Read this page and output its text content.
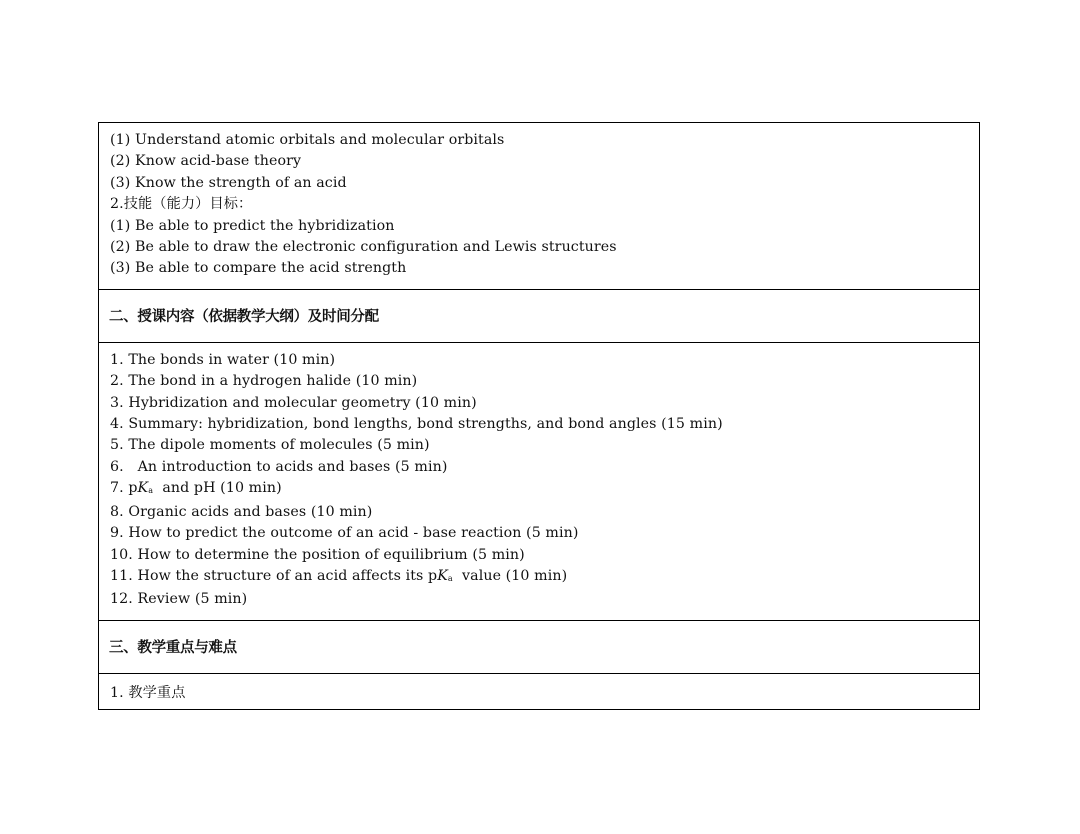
(1) Understand atomic orbitals and molecular orbitals
(2) Know acid-base theory
(3) Know the strength of an acid
2.技能（能力）目标：
(1) Be able to predict the hybridization
(2) Be able to draw the electronic configuration and Lewis structures
(3) Be able to compare the acid strength
二、授课内容（依据教学大纲）及时间分配
1. The bonds in water (10 min)
2. The bond in a hydrogen halide (10 min)
3. Hybridization and molecular geometry (10 min)
4. Summary: hybridization, bond lengths, bond strengths, and bond angles (15 min)
5. The dipole moments of molecules (5 min)
6.   An introduction to acids and bases (5 min)
7. $pK_a$  and pH (10 min)
8. Organic acids and bases (10 min)
9. How to predict the outcome of an acid - base reaction (5 min)
10. How to determine the position of equilibrium (5 min)
11. How the structure of an acid affects its $pK_a$  value (10 min)
12. Review (5 min)
三、教学重点与难点
1. 教学重点
